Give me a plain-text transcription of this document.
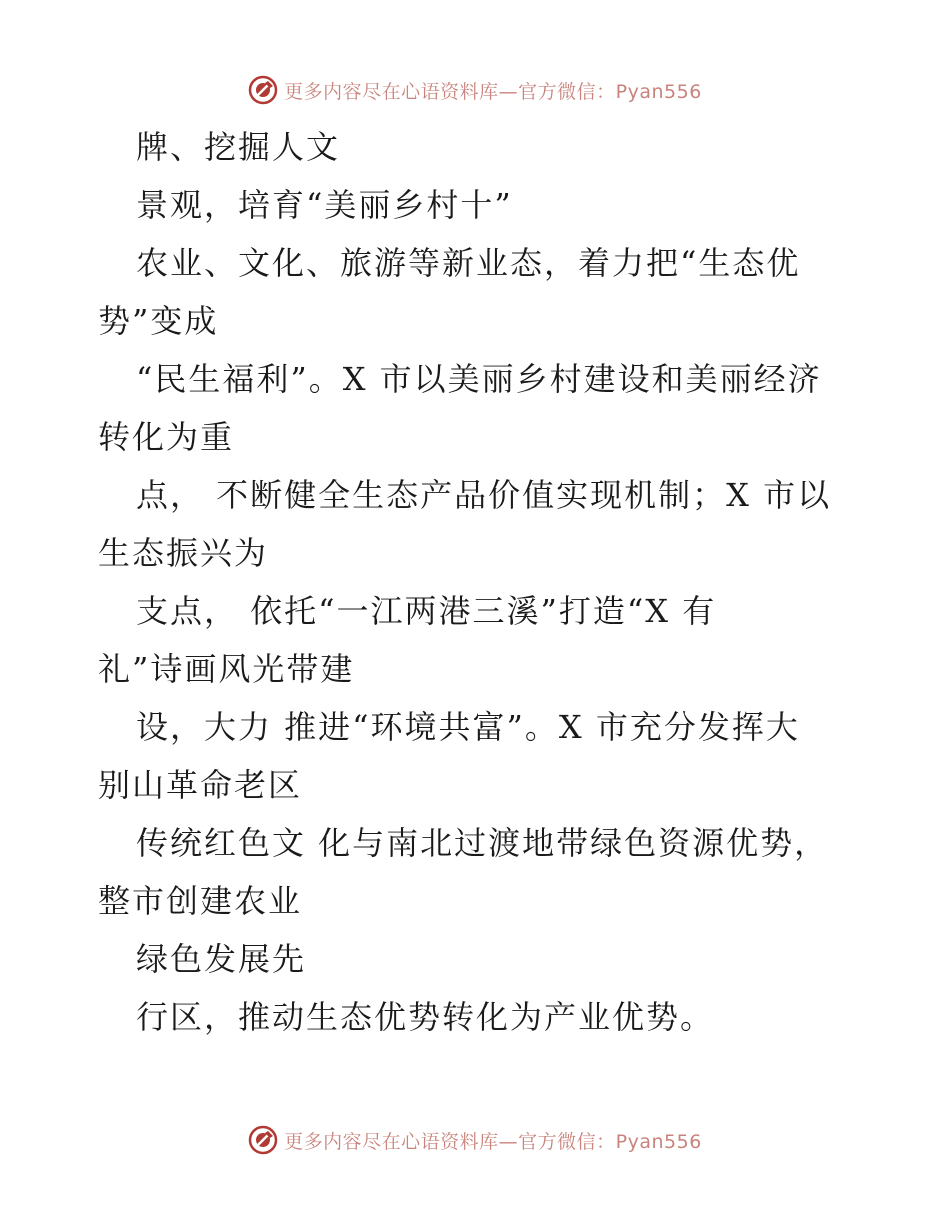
更多内容尽在心语资料库—官方微信：Pyan556
牌、挖掘人文
景观，培育“美丽乡村十”
农业、文化、旅游等新业态，着力把“生态优
势”变成
“民生福利”。X 市以美丽乡村建设和美丽经济
转化为重
点， 不断健全生态产品价值实现机制；X 市以
生态振兴为
支点， 依托“一江两港三溪”打造“X 有
礼”诗画风光带建
设，大力 推进“环境共富”。X 市充分发挥大
别山革命老区
传统红色文 化与南北过渡地带绿色资源优势，
整市创建农业
绿色发展先
行区，推动生态优势转化为产业优势。
更多内容尽在心语资料库—官方微信：Pyan556
